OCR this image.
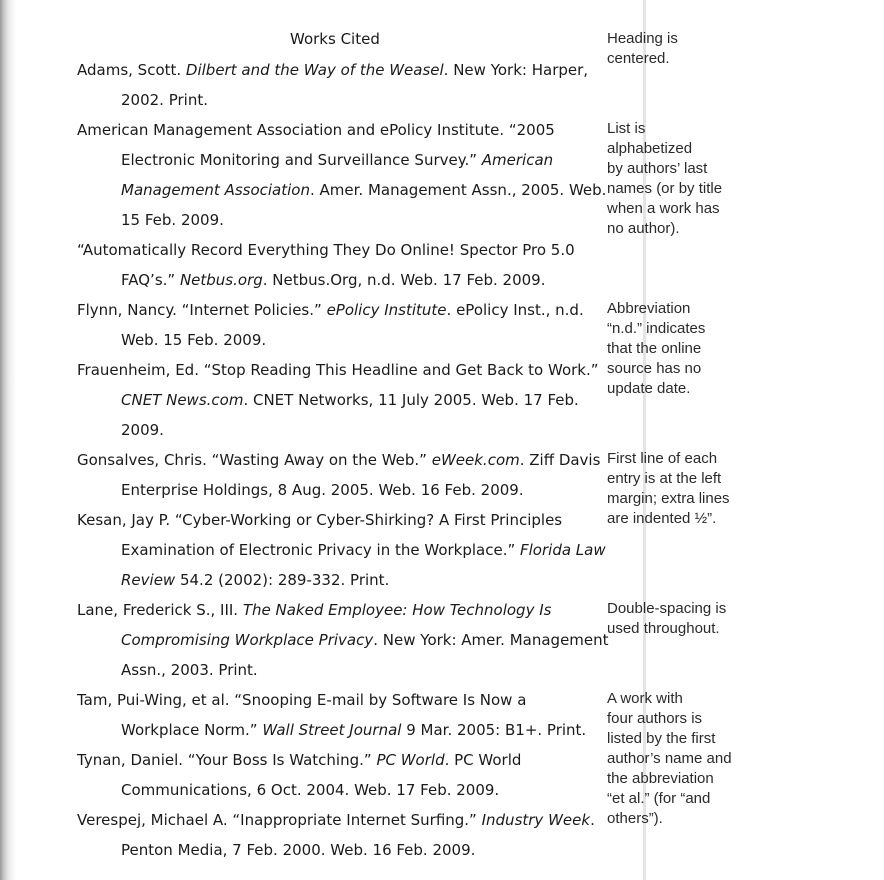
Works Cited
Adams, Scott. Dilbert and the Way of the Weasel. New York: Harper,
2002. Print.
American Management Association and ePolicy Institute. “2005
Electronic Monitoring and Surveillance Survey.” American
Management Association. Amer. Management Assn., 2005. Web.
15 Feb. 2009.
“Automatically Record Everything They Do Online! Spector Pro 5.0
FAQ’s.” Netbus.org. Netbus.Org, n.d. Web. 17 Feb. 2009.
Flynn, Nancy. “Internet Policies.” ePolicy Institute. ePolicy Inst., n.d.
Web. 15 Feb. 2009.
Frauenheim, Ed. “Stop Reading This Headline and Get Back to Work.”
CNET News.com. CNET Networks, 11 July 2005. Web. 17 Feb.
2009.
Gonsalves, Chris. “Wasting Away on the Web.” eWeek.com. Ziff Davis
Enterprise Holdings, 8 Aug. 2005. Web. 16 Feb. 2009.
Kesan, Jay P. “Cyber-Working or Cyber-Shirking? A First Principles
Examination of Electronic Privacy in the Workplace.” Florida Law
Review 54.2 (2002): 289-332. Print.
Lane, Frederick S., III. The Naked Employee: How Technology Is
Compromising Workplace Privacy. New York: Amer. Management
Assn., 2003. Print.
Tam, Pui-Wing, et al. “Snooping E-mail by Software Is Now a
Workplace Norm.” Wall Street Journal 9 Mar. 2005: B1+. Print.
Tynan, Daniel. “Your Boss Is Watching.” PC World. PC World
Communications, 6 Oct. 2004. Web. 17 Feb. 2009.
Verespej, Michael A. “Inappropriate Internet Surfing.” Industry Week.
Penton Media, 7 Feb. 2000. Web. 16 Feb. 2009.
Heading is
centered.
List is
alphabetized
by authors’ last
names (or by title
when a work has
no author).
Abbreviation
“n.d.” indicates
that the online
source has no
update date.
First line of each
entry is at the left
margin; extra lines
are indented ½”.
Double-spacing is
used throughout.
A work with
four authors is
listed by the first
author’s name and
the abbreviation
“et al.” (for “and
others”).
